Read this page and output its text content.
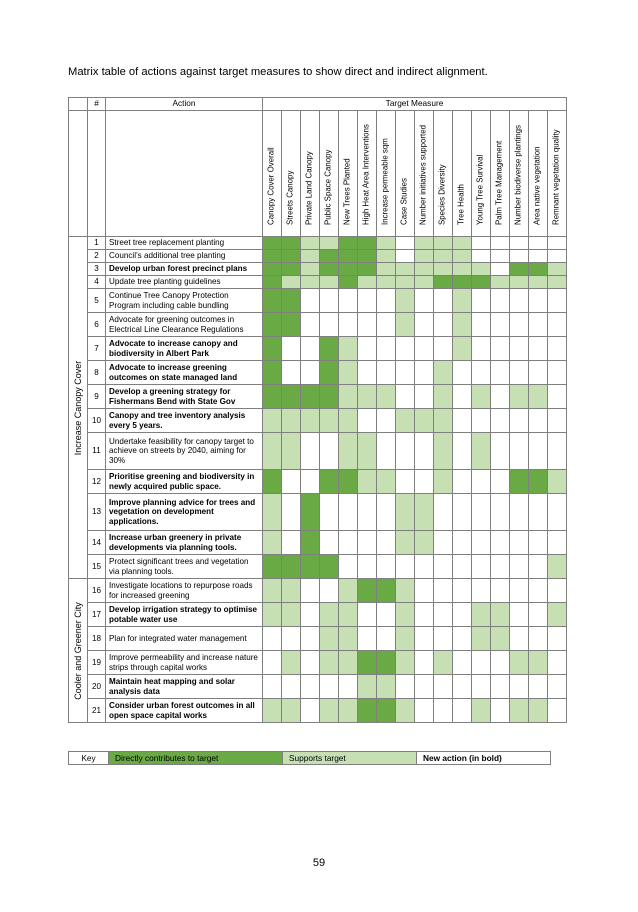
Matrix table of actions against target measures to show direct and indirect alignment.
	#	Action	Target Measure															

			Canopy Cover Overall	Streets Canopy	Private Land Canopy	Public Space Canopy	New Trees Planted	High Heat Area Interventions	Increase permeable sqm	Case Studies	Number initiatives supported	Species Diversity	Tree Health	Young Tree Survival	Palm Tree Management	Number biodiverse plantings	Area native vegetation	Remnant vegetation quality

Increase Canopy Cover	1	Street tree replacement planting																
	2	Council’s additional tree planting																
	3	Develop urban forest precinct plans																
	4	Update tree planting guidelines																
	5	Continue Tree Canopy Protection Program including cable bundling																
	6	Advocate for greening outcomes in Electrical Line Clearance Regulations																
	7	Advocate to increase canopy and biodiversity in Albert Park																
	8	Advocate to increase greening outcomes on state managed land																
	9	Develop a greening strategy for Fishermans Bend with State Gov																
	10	Canopy and tree inventory analysis every 5 years.																
	11	Undertake feasibility for canopy target to achieve on streets by 2040, aiming for 30%																
	12	Prioritise greening and biodiversity in newly acquired public space.																
	13	Improve planning advice for trees and vegetation on development applications.																
	14	Increase urban greenery in private developments via planning tools.																
	15	Protect significant trees and vegetation via planning tools.																

Cooler and Greener City	16	Investigate locations to repurpose roads for increased greening																
	17	Develop irrigation strategy to optimise potable water use																
	18	Plan for integrated water management																
	19	Improve permeability and increase nature strips through capital works																
	20	Maintain heat mapping and solar analysis data																
	21	Consider urban forest outcomes in all open space capital works																
Key	Directly contributes to target	Supports target	New action (in bold)
59
